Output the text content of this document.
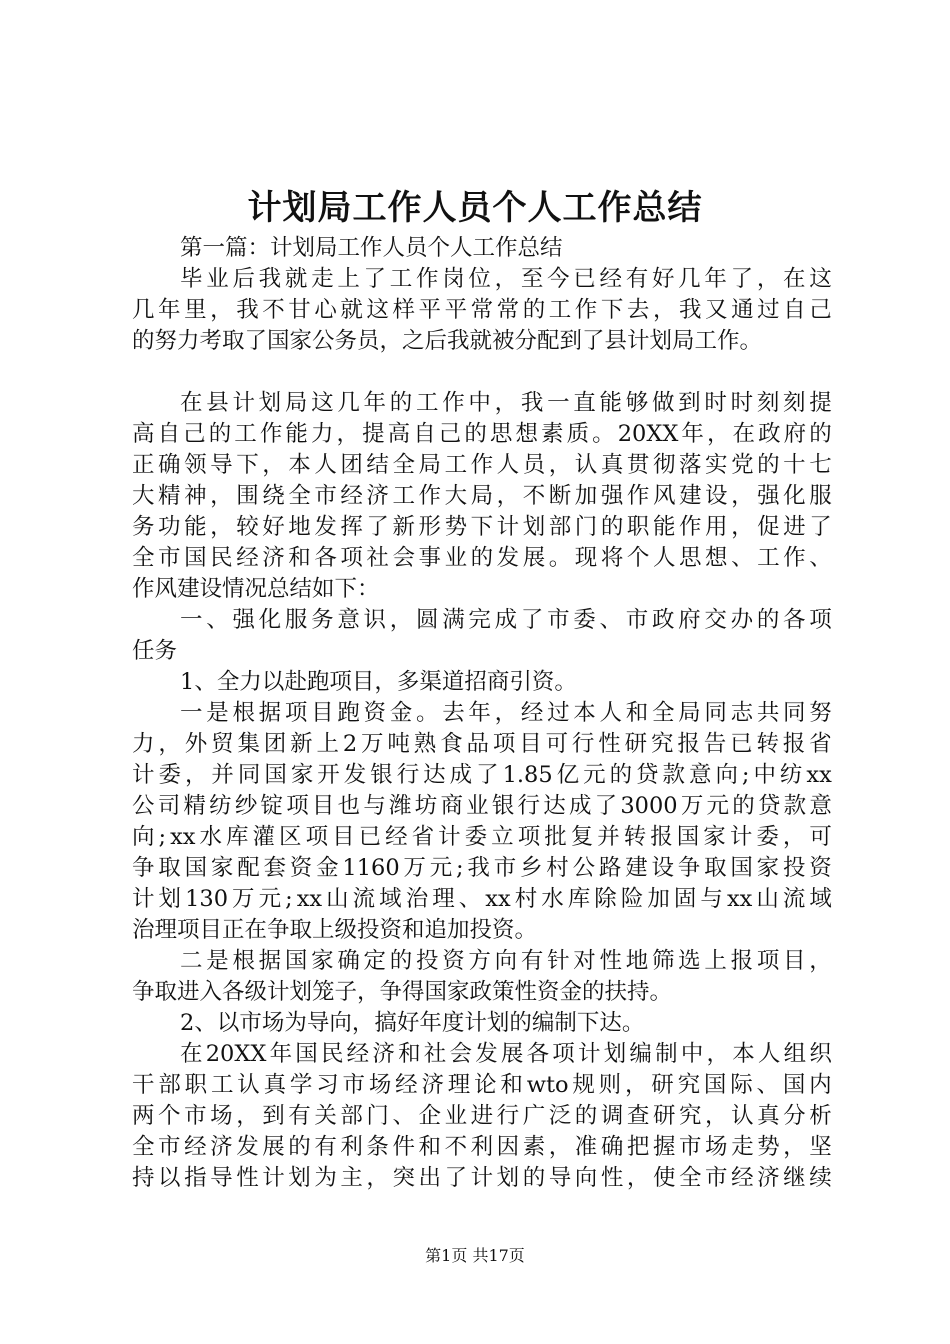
计划局工作人员个人工作总结
第一篇：计划局工作人员个人工作总结
毕 业 后 我 就 走 上 了 工 作 岗 位 ， 至 今 已 经 有 好 几 年 了 ， 在 这
几 年 里 ， 我 不 甘 心 就 这 样 平 平 常 常 的 工 作 下 去 ， 我 又 通 过 自 己
的努力考取了国家公务员，之后我就被分配到了县计划局工作。
在 县 计 划 局 这 几 年 的 工 作 中 ， 我 一 直 能 够 做 到 时 时 刻 刻 提
高 自 己 的 工 作 能 力 ， 提 高 自 己 的 思 想 素 质 。 20XX 年 ， 在 政 府 的
正 确 领 导 下 ， 本 人 团 结 全 局 工 作 人 员 ， 认 真 贯 彻 落 实 党 的 十 七
大 精 神 ， 围 绕 全 市 经 济 工 作 大 局 ， 不 断 加 强 作 风 建 设 ， 强 化 服
务 功 能 ， 较 好 地 发 挥 了 新 形 势 下 计 划 部 门 的 职 能 作 用 ， 促 进 了
全 市 国 民 经 济 和 各 项 社 会 事 业 的 发 展 。 现 将 个 人 思 想 、 工 作 、
作风建设情况总结如下：
一 、 强 化 服 务 意 识 ， 圆 满 完 成 了 市 委 、 市 政 府 交 办 的 各 项
任务
1、全力以赴跑项目，多渠道招商引资。
一 是 根 据 项 目 跑 资 金 。 去 年 ， 经 过 本 人 和 全 局 同 志 共 同 努
力 ， 外 贸 集 团 新 上 2 万 吨 熟 食 品 项 目 可 行 性 研 究 报 告 已 转 报 省
计 委 ， 并 同 国 家 开 发 银 行 达 成 了 1.85 亿 元 的 贷 款 意 向 ; 中 纺 xx
公 司 精 纺 纱 锭 项 目 也 与 潍 坊 商 业 银 行 达 成 了 3000 万 元 的 贷 款 意
向 ; xx 水 库 灌 区 项 目 已 经 省 计 委 立 项 批 复 并 转 报 国 家 计 委 ， 可
争 取 国 家 配 套 资 金 1160 万 元 ; 我 市 乡 村 公 路 建 设 争 取 国 家 投 资
计 划 130 万 元 ; xx 山 流 域 治 理 、 xx 村 水 库 除 险 加 固 与 xx 山 流 域
治理项目正在争取上级投资和追加投资。
二 是 根 据 国 家 确 定 的 投 资 方 向 有 针 对 性 地 筛 选 上 报 项 目 ，
争取进入各级计划笼子，争得国家政策性资金的扶持。
2、以市场为导向，搞好年度计划的编制下达。
在 20XX 年 国 民 经 济 和 社 会 发 展 各 项 计 划 编 制 中 ， 本 人 组 织
干 部 职 工 认 真 学 习 市 场 经 济 理 论 和 wto 规 则 ， 研 究 国 际 、 国 内
两 个 市 场 ， 到 有 关 部 门 、 企 业 进 行 广 泛 的 调 查 研 究 ， 认 真 分 析
全 市 经 济 发 展 的 有 利 条 件 和 不 利 因 素 ， 准 确 把 握 市 场 走 势 ， 坚
持 以 指 导 性 计 划 为 主 ， 突 出 了 计 划 的 导 向 性 ， 使 全 市 经 济 继 续
第1页 共17页
